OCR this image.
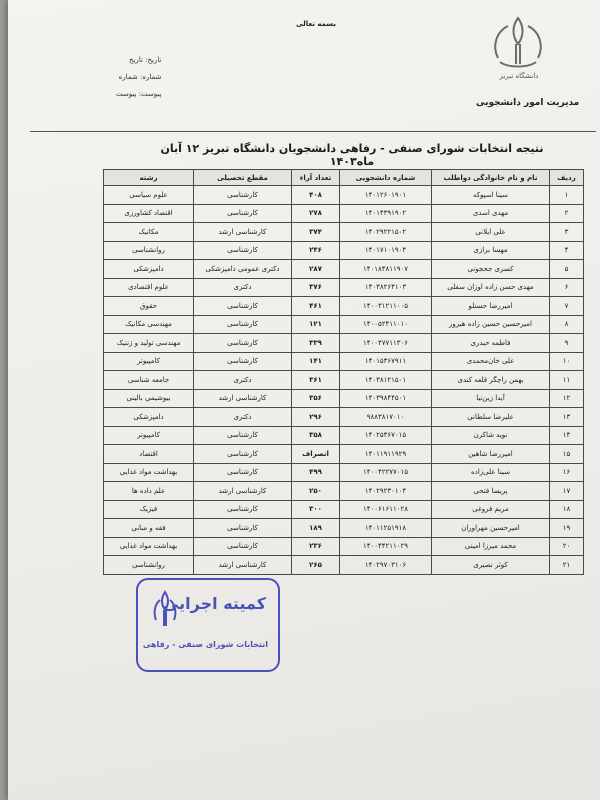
بسمه تعالی
تاریخ: تاریخ
شماره: شماره
پیوست: پیوست
دانشگاه تبریز
مدیریت امور دانشجویی
نتیجه انتخابات شورای صنفی - رفاهی دانشجویان دانشگاه تبریز ۱۲ آبان ماه۱۴۰۳
ردیف	نام و نام خانوادگی دواطلب	شماره دانشجویی	تعداد آراء	مقطع تحصیلی	رشته
۱	سینا اسپوکه	۱۴۰۱۲۶۰۱۹۰۱	۴۰۸	کارشناسی	علوم سیاسی
۲	مهدی اسدی	۱۴۰۱۴۳۹۱۹۰۲	۲۷۸	کارشناسی	اقتصاد کشاورزی
۳	علی ایلانی	۱۴۰۲۹۲۲۱۵۰۲	۳۷۴	کارشناسی ارشد	مکانیک
۴	مهسا برازی	۱۴۰۱۷۱۰۱۹۰۴	۲۴۶	کارشناسی	روانشناسی
۵	کسری جحجونی	۱۴۰۱۸۴۸۱۱۹۰۷	۲۸۷	دکتری عمومی دامپزشکی	دامپزشکی
۶	مهدی حسن زاده اوزان سفلی	۱۴۰۳۸۲۶۴۱۰۳	۳۷۶	دکتری	علوم اقتصادی
۷	امیررضا حسنلو	۱۴۰۰۳۱۲۱۱۰۰۵	۴۶۱	کارشناسی	حقوق
۸	امیرحسین حسین زاده هیرور	۱۴۰۰۵۲۴۱۱۰۱۰	۱۲۱	کارشناسی	مهندسی مکانیک
۹	فاطمه حیدری	۱۴۰۰۴۷۷۱۱۳۰۶	۳۳۹	کارشناسی	مهندسی تولید و ژنتیک
۱۰	علی خان‌محمدی	۱۴۰۱۵۳۶۷۹۱۱	۱۴۱	کارشناسی	کامپیوتر
۱۱	بهمن راچگر قلعه کندی	۱۴۰۳۸۱۲۱۵۰۱	۳۶۱	دکتری	جامعه شناسی
۱۲	آیدا زین‌نیا	۱۴۰۳۹۸۴۴۵۰۱	۳۵۶	کارشناسی ارشد	بیوشیمی بالینی
۱۳	علیرضا سلطانی	۹۸۸۳۸۱۷۰۱۰	۲۹۶	دکتری	دامپزشکی
۱۴	نوید شاکرن	۱۴۰۲۵۳۶۷۰۱۵	۳۵۸	کارشناسی	کامپیوتر
۱۵	امیررضا شاهین	۱۴۰۱۱۹۱۱۹۲۹	انصراف	کارشناسی	اقتصاد
۱۶	سینا علی‌زاده	۱۴۰۰۴۲۲۷۷۰۱۵	۴۹۹	کارشناسی	بهداشت مواد غذایی
۱۷	پریسا فتحی	۱۴۰۲۹۲۳۰۱۰۴	۲۵۰	کارشناسی ارشد	علم داده ها
۱۸	مریم فروغی	۱۴۰۰۶۱۶۱۱۰۲۸	۳۰۰	کارشناسی	فیزیک
۱۹	امیرحسین مهراوران	۱۴۰۱۱۲۵۱۹۱۸	۱۸۹	کارشناسی	فقه و مبانی
۲۰	محمد میرزا امینی	۱۴۰۰۴۴۲۱۱۰۲۹	۲۳۶	کارشناسی	بهداشت مواد غذایی
۲۱	کوثر نصیری	۱۴۰۲۹۷۰۳۱۰۶	۲۶۵	کارشناسی ارشد	روانشناسی
کمیته اجرایی
انتخابات شورای صنفی - رفاهی
